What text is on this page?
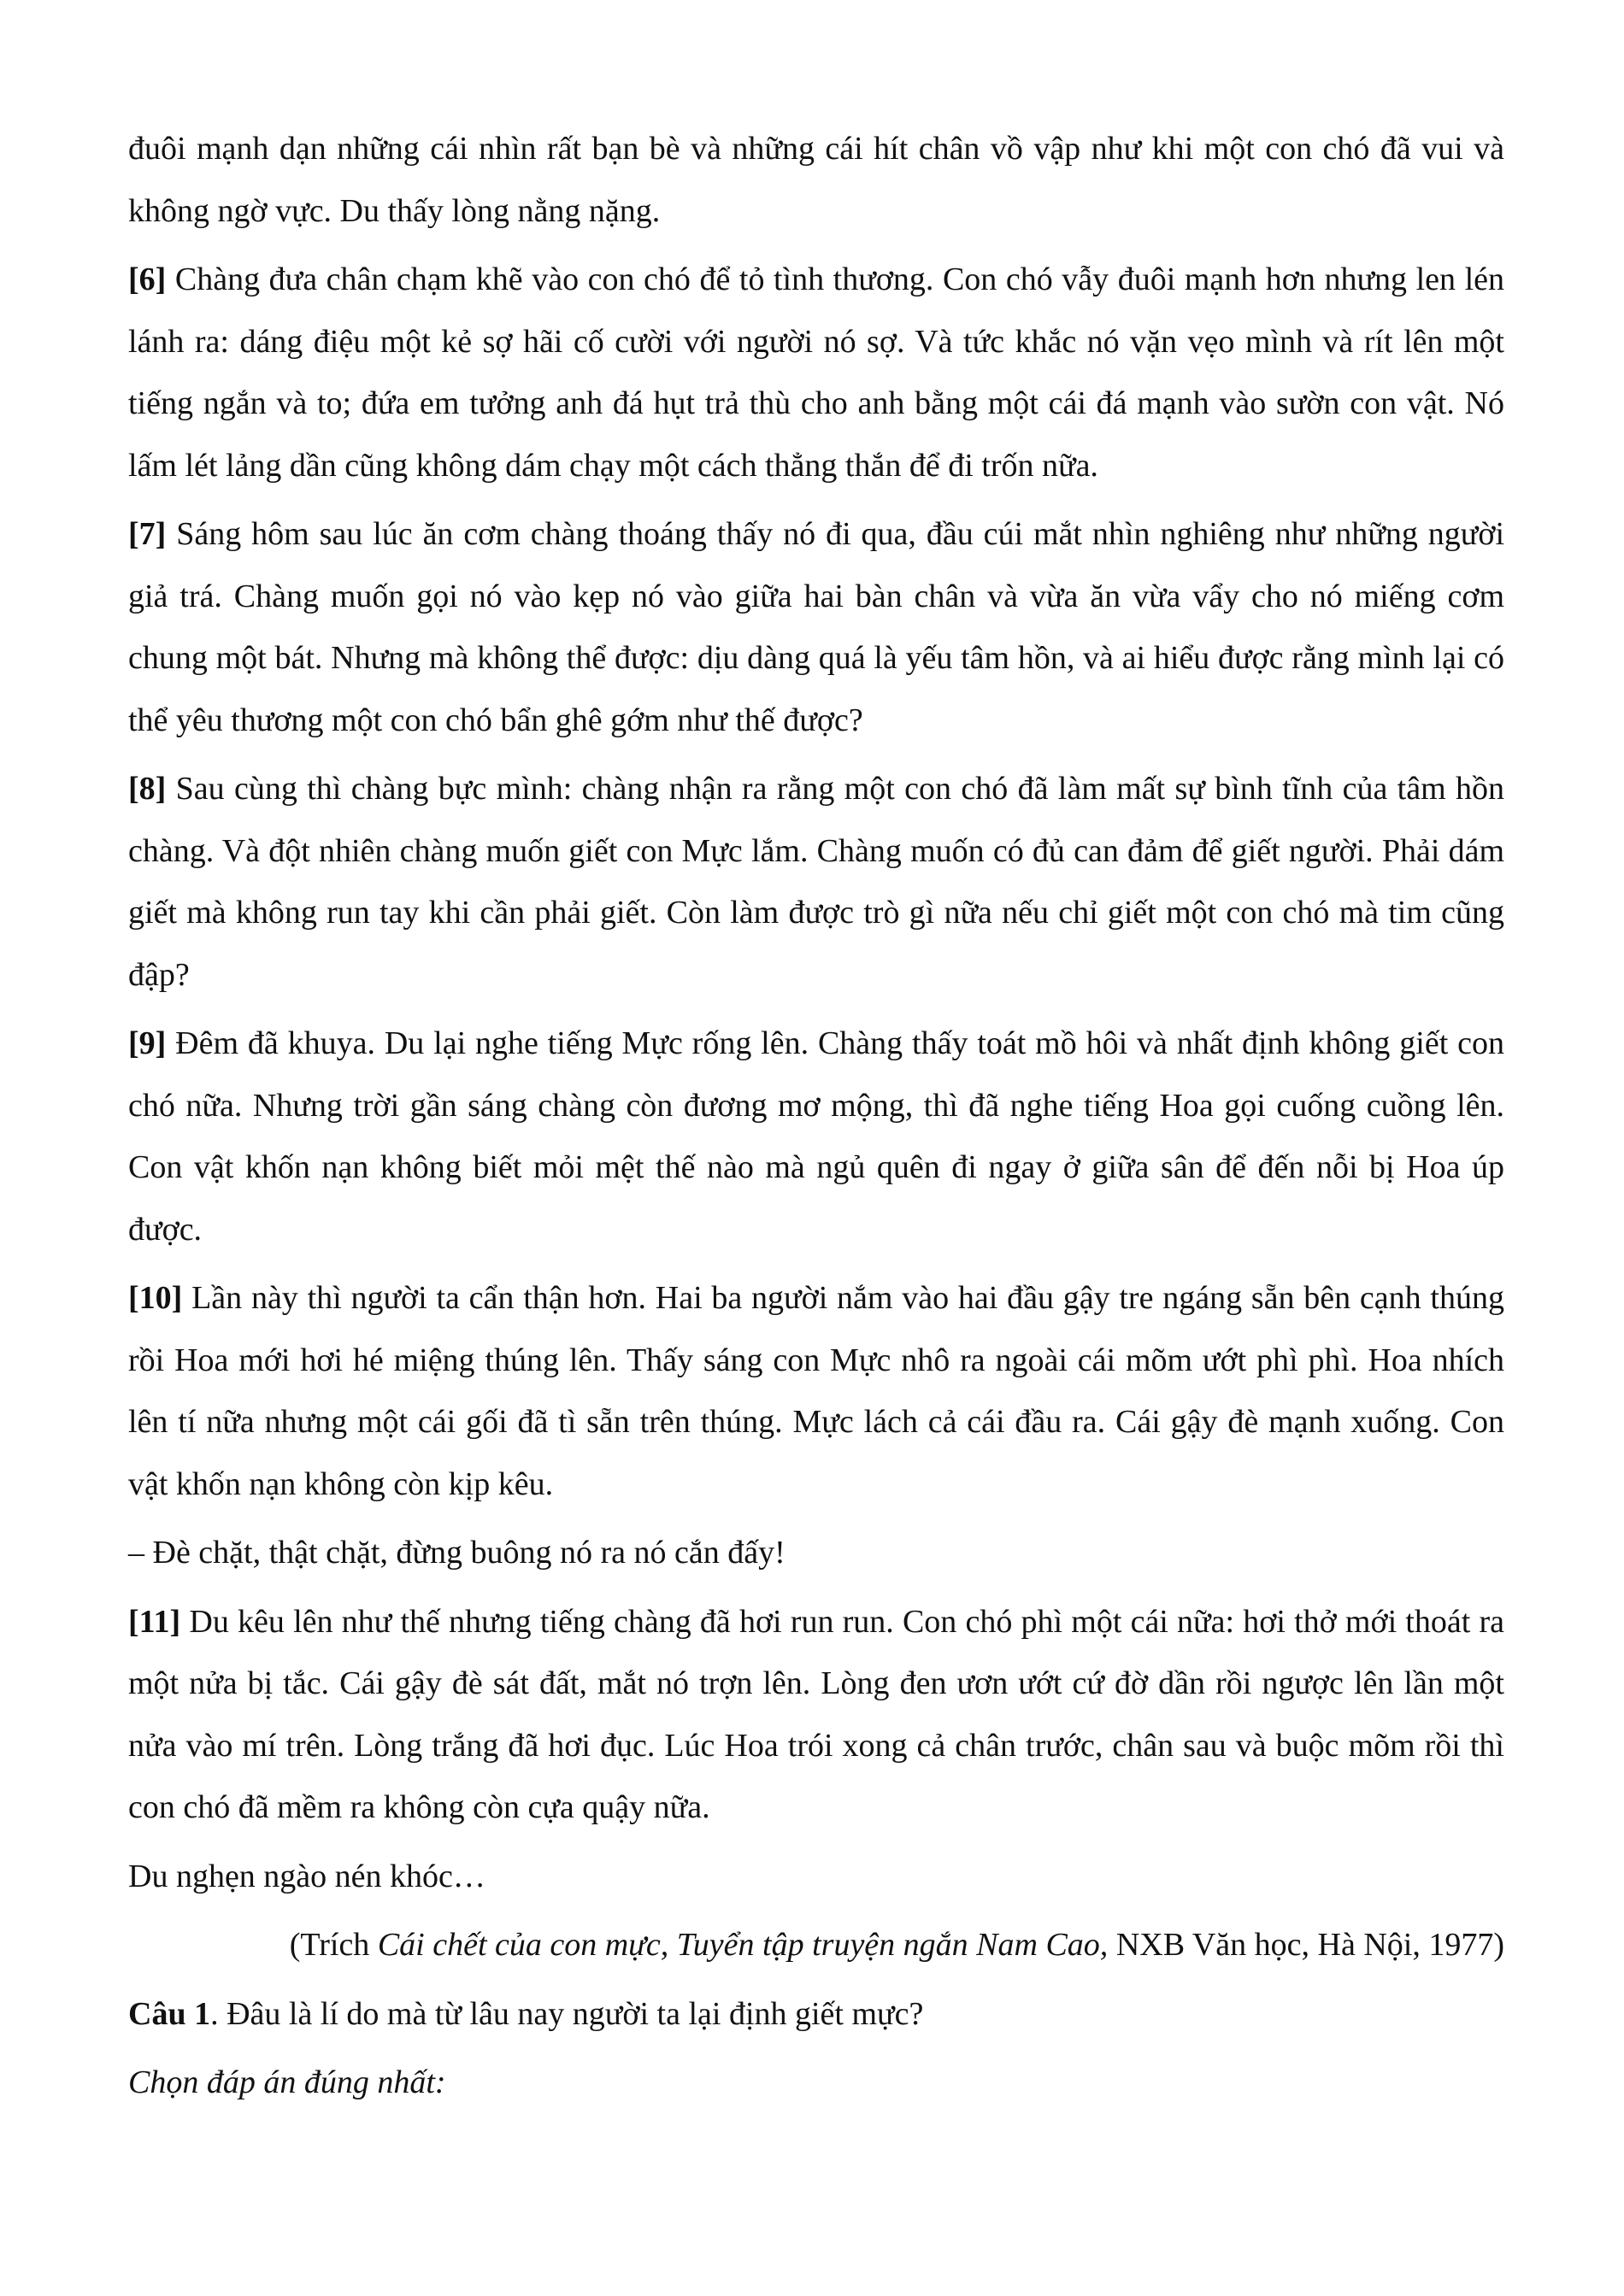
đuôi mạnh dạn những cái nhìn rất bạn bè và những cái hít chân vồ vập như khi một con chó đã vui và không ngờ vực. Du thấy lòng nằng nặng.

[6] Chàng đưa chân chạm khẽ vào con chó để tỏ tình thương. Con chó vẫy đuôi mạnh hơn nhưng len lén lánh ra: dáng điệu một kẻ sợ hãi cố cười với người nó sợ. Và tức khắc nó vặn vẹo mình và rít lên một tiếng ngắn và to; đứa em tưởng anh đá hụt trả thù cho anh bằng một cái đá mạnh vào sườn con vật. Nó lấm lét lảng dần cũng không dám chạy một cách thẳng thắn để đi trốn nữa.

[7] Sáng hôm sau lúc ăn cơm chàng thoáng thấy nó đi qua, đầu cúi mắt nhìn nghiêng như những người giả trá. Chàng muốn gọi nó vào kẹp nó vào giữa hai bàn chân và vừa ăn vừa vẩy cho nó miếng cơm chung một bát. Nhưng mà không thể được: dịu dàng quá là yếu tâm hồn, và ai hiểu được rằng mình lại có thể yêu thương một con chó bẩn ghê gớm như thế được?

[8] Sau cùng thì chàng bực mình: chàng nhận ra rằng một con chó đã làm mất sự bình tĩnh của tâm hồn chàng. Và đột nhiên chàng muốn giết con Mực lắm. Chàng muốn có đủ can đảm để giết người. Phải dám giết mà không run tay khi cần phải giết. Còn làm được trò gì nữa nếu chỉ giết một con chó mà tim cũng đập?

[9] Đêm đã khuya. Du lại nghe tiếng Mực rống lên. Chàng thấy toát mồ hôi và nhất định không giết con chó nữa. Nhưng trời gần sáng chàng còn đương mơ mộng, thì đã nghe tiếng Hoa gọi cuống cuồng lên. Con vật khốn nạn không biết mỏi mệt thế nào mà ngủ quên đi ngay ở giữa sân để đến nỗi bị Hoa úp được.

[10] Lần này thì người ta cẩn thận hơn. Hai ba người nắm vào hai đầu gậy tre ngáng sẵn bên cạnh thúng rồi Hoa mới hơi hé miệng thúng lên. Thấy sáng con Mực nhô ra ngoài cái mõm ướt phì phì. Hoa nhích lên tí nữa nhưng một cái gối đã tì sẵn trên thúng. Mực lách cả cái đầu ra. Cái gậy đè mạnh xuống. Con vật khốn nạn không còn kịp kêu.

– Đè chặt, thật chặt, đừng buông nó ra nó cắn đấy!

[11] Du kêu lên như thế nhưng tiếng chàng đã hơi run run. Con chó phì một cái nữa: hơi thở mới thoát ra một nửa bị tắc. Cái gậy đè sát đất, mắt nó trợn lên. Lòng đen ươn ướt cứ đờ dần rồi ngược lên lần một nửa vào mí trên. Lòng trắng đã hơi đục. Lúc Hoa trói xong cả chân trước, chân sau và buộc mõm rồi thì con chó đã mềm ra không còn cựa quậy nữa.

Du nghẹn ngào nén khóc…

(Trích Cái chết của con mực, Tuyển tập truyện ngắn Nam Cao, NXB Văn học, Hà Nội, 1977)

Câu 1. Đâu là lí do mà từ lâu nay người ta lại định giết mực?

Chọn đáp án đúng nhất:
